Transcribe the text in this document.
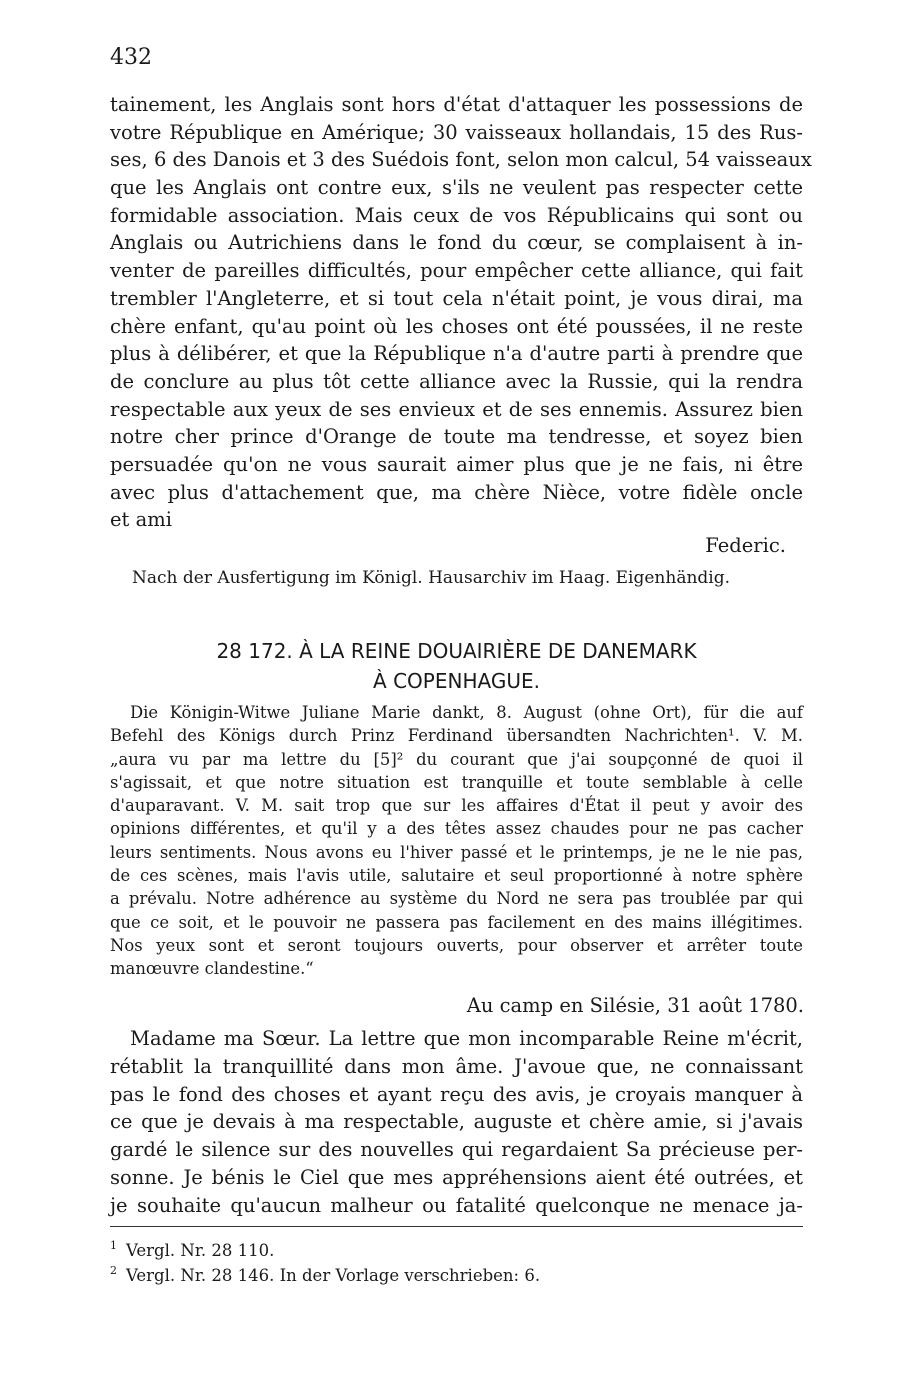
432
tainement, les Anglais sont hors d'état d'attaquer les possessions de
votre République en Amérique; 30 vaisseaux hollandais, 15 des Rus-
ses, 6 des Danois et 3 des Suédois font, selon mon calcul, 54 vaisseaux
que les Anglais ont contre eux, s'ils ne veulent pas respecter cette
formidable association. Mais ceux de vos Républicains qui sont ou
Anglais ou Autrichiens dans le fond du cœur, se complaisent à in-
venter de pareilles difficultés, pour empêcher cette alliance, qui fait
trembler l'Angleterre, et si tout cela n'était point, je vous dirai, ma
chère enfant, qu'au point où les choses ont été poussées, il ne reste
plus à délibérer, et que la République n'a d'autre parti à prendre que
de conclure au plus tôt cette alliance avec la Russie, qui la rendra
respectable aux yeux de ses envieux et de ses ennemis. Assurez bien
notre cher prince d'Orange de toute ma tendresse, et soyez bien
persuadée qu'on ne vous saurait aimer plus que je ne fais, ni être
avec plus d'attachement que, ma chère Nièce, votre fidèle oncle
et ami
Federic.
Nach der Ausfertigung im Königl. Hausarchiv im Haag. Eigenhändig.
28 172. À LA REINE DOUAIRIÈRE DE DANEMARK
À COPENHAGUE.
Die Königin-Witwe Juliane Marie dankt, 8. August (ohne Ort), für die auf
Befehl des Königs durch Prinz Ferdinand übersandten Nachrichten¹. V. M.
„aura vu par ma lettre du [5]² du courant que j'ai soupçonné de quoi il
s'agissait, et que notre situation est tranquille et toute semblable à celle
d'auparavant. V. M. sait trop que sur les affaires d'État il peut y avoir des
opinions différentes, et qu'il y a des têtes assez chaudes pour ne pas cacher
leurs sentiments. Nous avons eu l'hiver passé et le printemps, je ne le nie pas,
de ces scènes, mais l'avis utile, salutaire et seul proportionné à notre sphère
a prévalu. Notre adhérence au système du Nord ne sera pas troublée par qui
que ce soit, et le pouvoir ne passera pas facilement en des mains illégitimes.
Nos yeux sont et seront toujours ouverts, pour observer et arrêter toute
manœuvre clandestine.“
Au camp en Silésie, 31 août 1780.
Madame ma Sœur. La lettre que mon incomparable Reine m'écrit,
rétablit la tranquillité dans mon âme. J'avoue que, ne connaissant
pas le fond des choses et ayant reçu des avis, je croyais manquer à
ce que je devais à ma respectable, auguste et chère amie, si j'avais
gardé le silence sur des nouvelles qui regardaient Sa précieuse per-
sonne. Je bénis le Ciel que mes appréhensions aient été outrées, et
je souhaite qu'aucun malheur ou fatalité quelconque ne menace ja-
1 Vergl. Nr. 28 110.
2 Vergl. Nr. 28 146. In der Vorlage verschrieben: 6.
